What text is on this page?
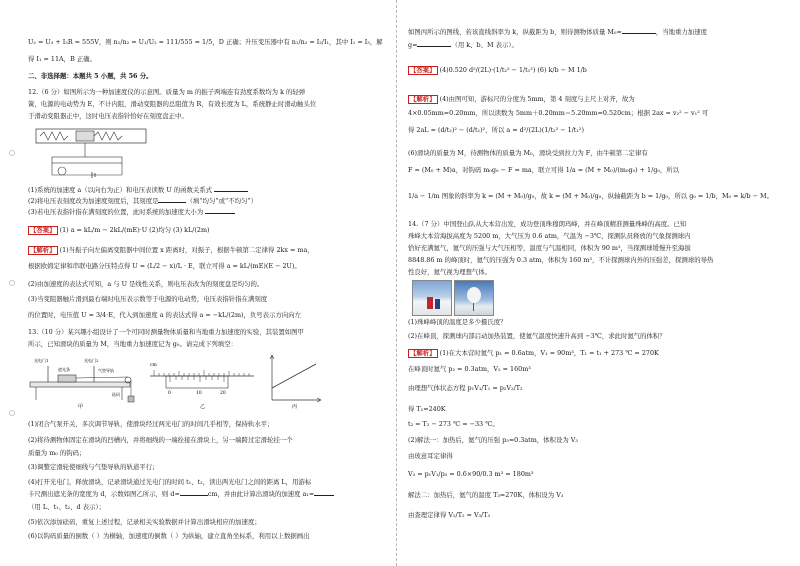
U₂ = U₃ + I₃R = 555V，则 n₁/n₂ = U₁/U₂ = 111/555 = 1/5，D 正确；升压变压器中有 n₁/n₂ = I₂/I₁，其中 I₁ = I₃，解
得 I₁ = 11A，B 正确。
二、非选择题：本题共 5 小题，共 56 分。
12.（6 分）如图所示为一种加速度仪的示意图。质量为 m 的振子两端连有劲度系数均为 k 的轻弹
簧，电源的电动势为 E，不计内阻，滑动变阻器的总阻值为 R，有效长度为 L，系统静止时滑动触头位
于滑动变阻器正中，这时电压表指针恰好在刻度盘正中。
(1)系统的加速度 a（以向右为正）和电压表读数 U 的函数关系式
(2)将电压表刻度改为加速度刻度后，其刻度是	（填“均匀”或“不均匀”）
(3)若电压表指针指在满刻度的位置，此时系统的加速度大小为
【答案】 (1) a = kL/m − 2kL/(mE)·U (2)均匀 (3) kL/(2m)
【解析】 (1)当振子向左偏离变阻器中间位置 x 距离时，对振子，根据牛顿第二定律得 2kx = ma，
根据欧姆定律和串联电路分压特点得 U = (L/2 − x)/L · E，联立可得 a = kL/(mE)(E − 2U)。
(2)由加速度的表达式可知，a 与 U 是线性关系，则电压表改为的刻度盘是均匀的。
(3)当变阻器触片滑到最右端时电压表示数等于电源的电动势，电压表指针指在满刻度
的位置时，电压值 U = 3/4·E，代入到加速度 a 的表达式得 a = −kL/(2m)，负号表示方向向左
13.（10 分）某兴趣小组设计了一个可同时测量物体质量和当地重力加速度的实验，其装置如图甲
所示，已知滑块的质量为 M，当地重力加速度记为 g₀。请完成下列填空：
光电门1	光电门2
遮光条	气垫导轨
砝码
甲
cm
0	10	20
乙	丙
(1)闭合气泵开关，多次调节导轨，使滑块经过两光电门的时间几乎相等，保持轨水平；
(2)将待测物体固定在滑块的凹槽内，并将细线的一端拴接在滑块上，另一端跨过定滑轮挂一个
质量为 m₀ 的钩码；
(3)调整定滑轮使细线与气垫导轨的轨道平行；
(4)打开光电门，释放滑块，记录滑块通过光电门的时间 t₁、t₂，读出两光电门之间的距离 L，用游标
卡尺测出遮光条的宽度为 d，示数如图乙所示，则 d=	cm，并由此计算出滑块的加速度 a₁=
（用 L、t₁、t₂、d 表示）；
(5)依次添加砝码，重复上述过程，记录相关实验数据并计算出滑块相应的加速度；
(6)以钩码质量的倒数（ ）为横轴，加速度的倒数（ ）为纵轴，建立直角坐标系，利用以上数据画出
如图丙所示的图线，若该直线斜率为 k，纵截距为 b，则待测物体质量 M₀=	，当地重力加速度
g=	（用 k、b、M 表示）。
【答案】 (4)0.520 d²/(2L)·(1/t₂² − 1/t₁²) (6) k/b − M 1/b
【解析】 (4)由图可知，游标尺的分度为 5mm，第 4 刻度与主尺上对齐，故为
4×0.05mm=0.20mm，所以读数为 5mm＋0.20mm＝5.20mm=0.520cm；根据 2ax = v₂² − v₁² 可
得 2aL = (d/t₂)² − (d/t₁)²，所以 a = d²/(2L)(1/t₂² − 1/t₁²)
(6)滑块的质量为 M，待测物体的质量为 M₀，滑块受到拉力为 F，由牛顿第二定律有
F = (M₀ + M)a，对钩码 m₀g₀ − F = ma，联立可得 1/a = (M + M₀)/(m₀g₀) + 1/g₀，所以
1/a − 1/m 图象的斜率为 k = (M + M₀)/g₀，故 k = (M + M₀)/g₀，纵轴截距为 b = 1/g₀，所以 g₀ = 1/b，M₀ = k/b − M。
14.（7 分）中国登山队从大本营出发，成功登顶珠穆朗玛峰，并在峰顶精准测量珠峰的高度。已知
珠峰大本营海拔高度为 5200 m，大气压为 0.6 atm，气温为 −3℃，探测队员释放的气象探测球内
恰好充满氦气，氦气的压强与大气压相等，温度与气温相同，体积为 90 m³，当探测球缓慢升至海拔
8848.86 m 的峰顶时，氦气的压强为 0.3 atm，体积为 160 m³，不计探测球内外的压强差，探测球的导热
性良好，氦气视为理想气体。
(1)珠峰峰顶的温度是多少摄氏度？
(2)在峰顶，探测球内部启动加热装置，使氦气温度快速升高到 −3℃，求此时氦气的体积？
【解析】 (1)在大本营时氦气 p₁ = 0.6atm，V₁ = 90m³，T₁ = t₁ + 273 ℃ = 270K
在峰顶时氦气 p₂ = 0.3atm，V₂ = 160m³
由理想气体状态方程 p₁V₁/T₁ = p₂V₂/T₂
得 T₂=240K
t₂ = T₂ − 273 ℃ = −33 ℃。
(2)解法一：加热后，氦气的压强 p₃=0.3atm，体积设为 V₃
由玻意耳定律得
V₃ = p₁V₁/p₃ = 0.6×90/0.3 m³ = 180m³
解法二：加热后，氦气的温度 T₃=270K，体积设为 V₃
由查理定律得 V₂/T₂ = V₃/T₃
